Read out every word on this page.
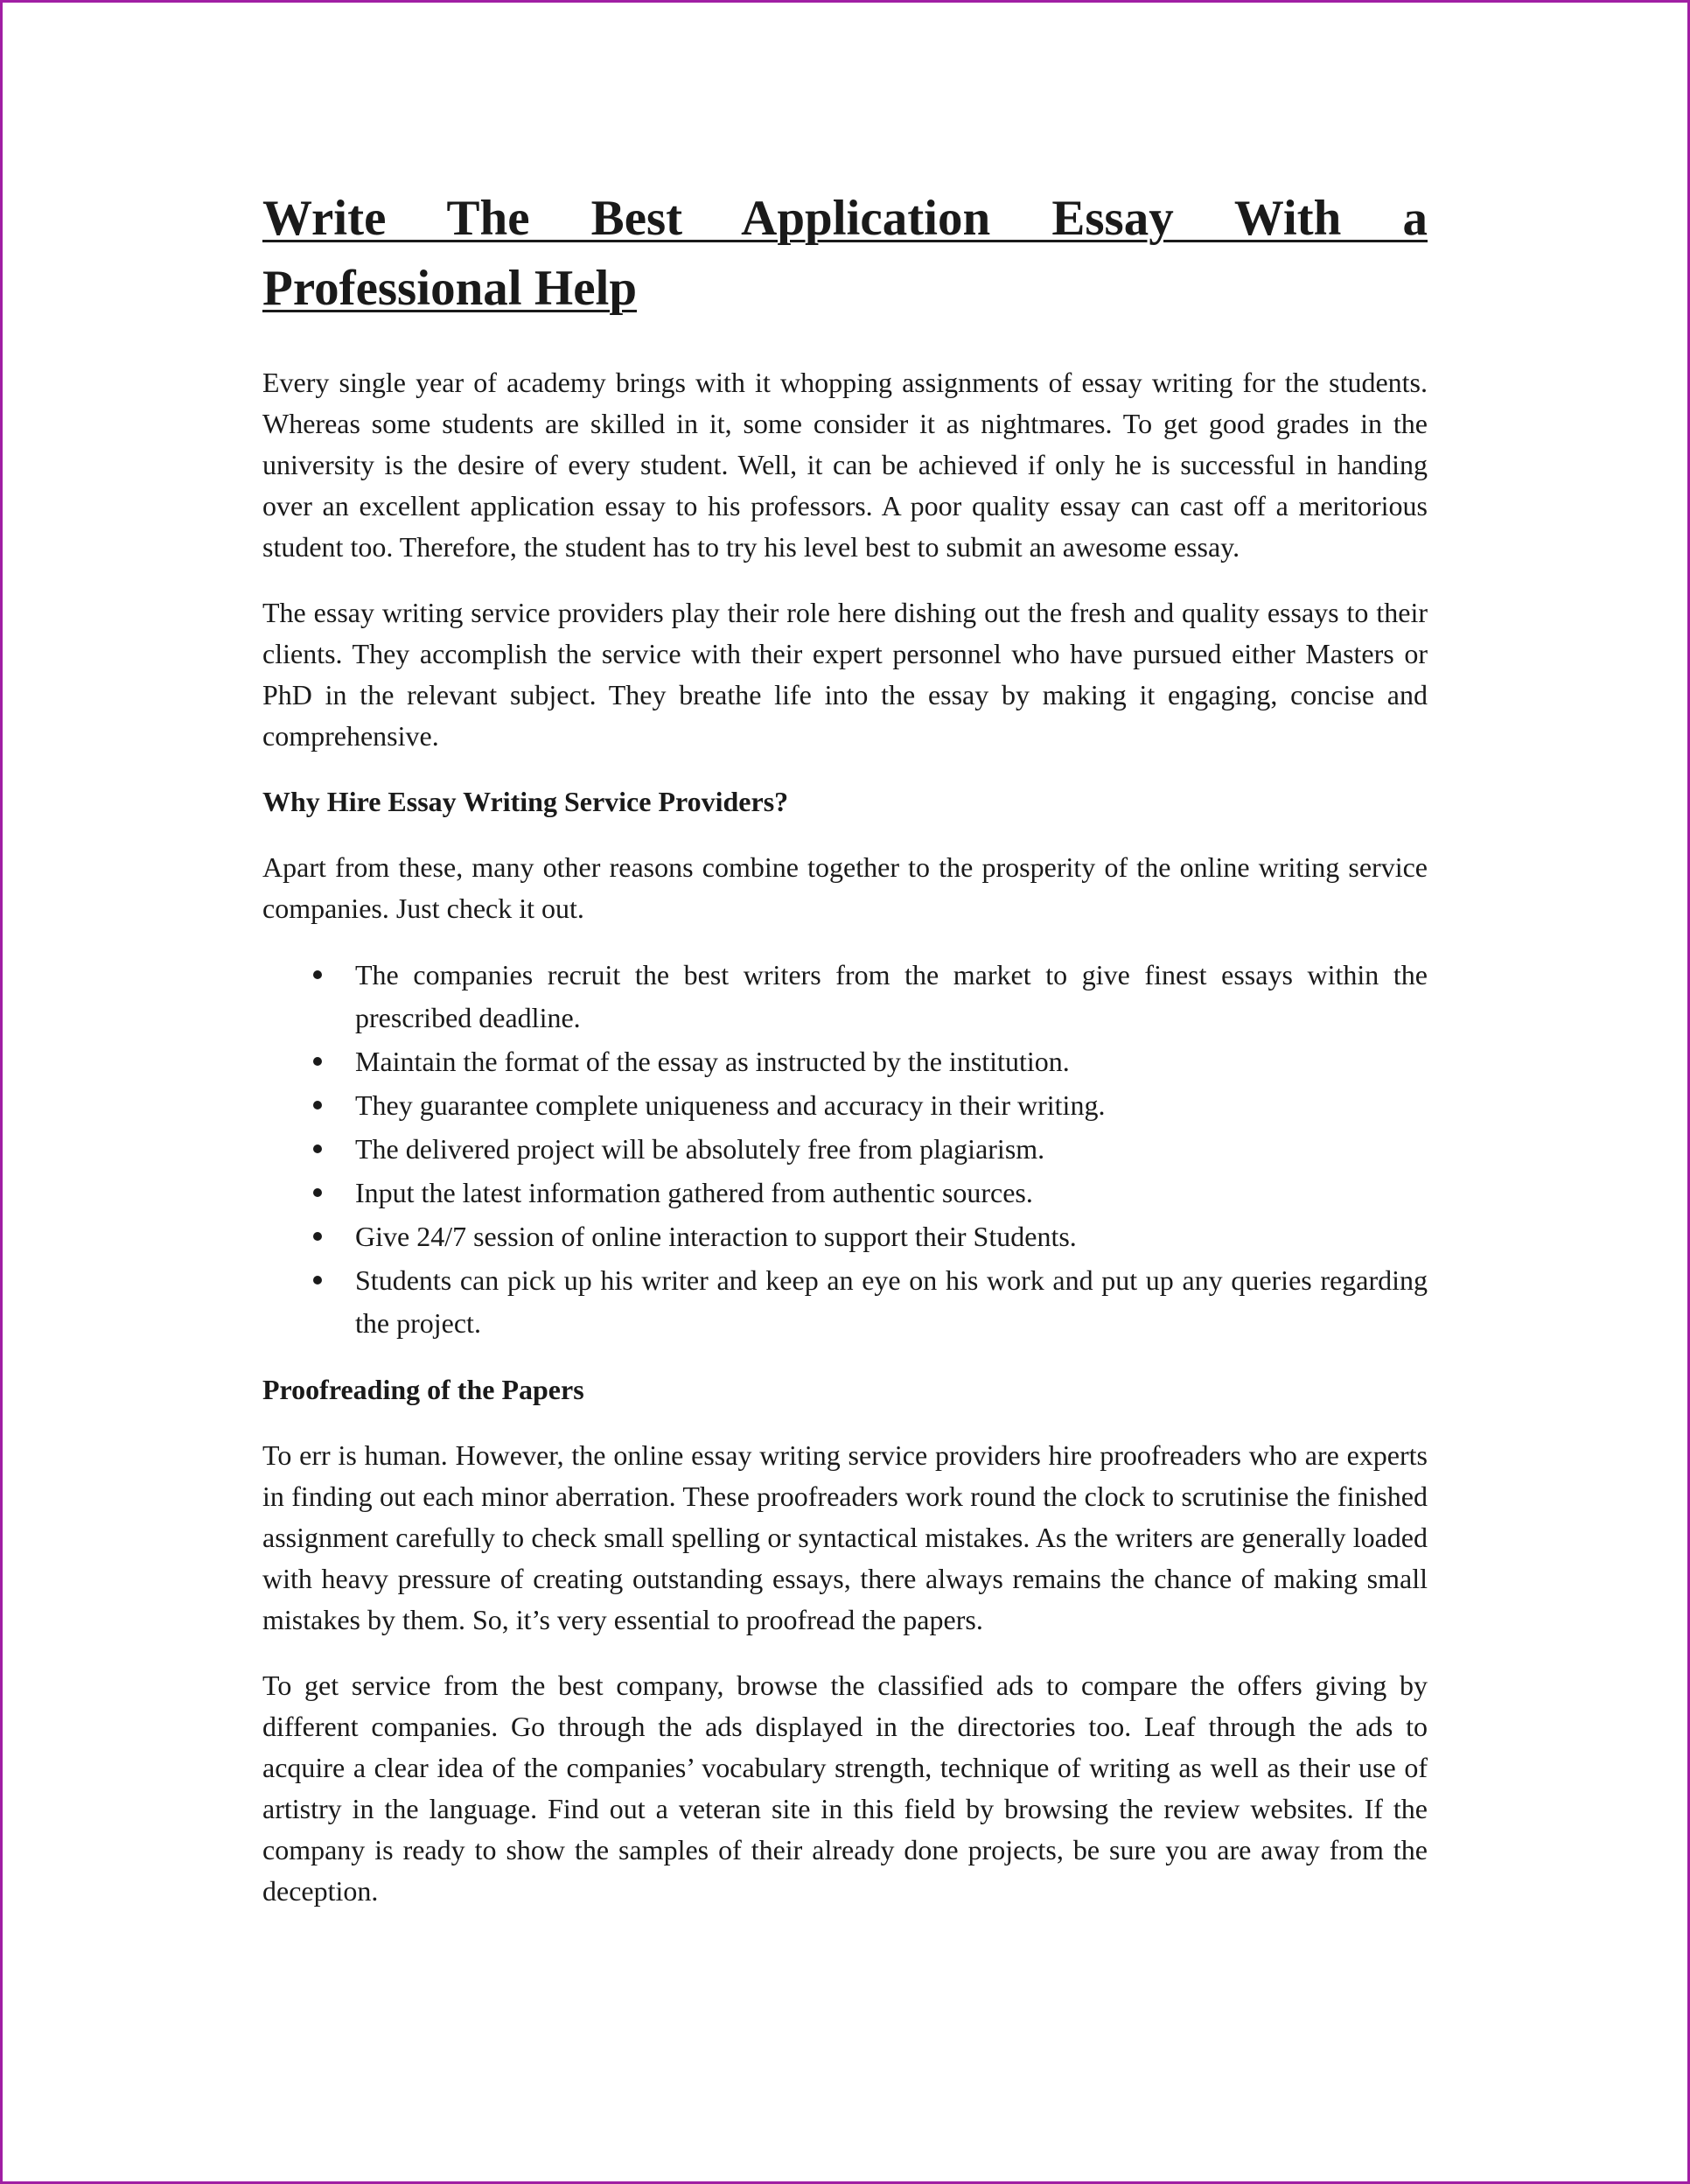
Write The Best Application Essay With a
Professional Help

Every single year of academy brings with it whopping assignments of essay writing for the students. Whereas some students are skilled in it, some consider it as nightmares. To get good grades in the university is the desire of every student. Well, it can be achieved if only he is successful in handing over an excellent application essay to his professors. A poor quality essay can cast off a meritorious student too. Therefore, the student has to try his level best to submit an awesome essay.

The essay writing service providers play their role here dishing out the fresh and quality essays to their clients. They accomplish the service with their expert personnel who have pursued either Masters or PhD in the relevant subject. They breathe life into the essay by making it engaging, concise and comprehensive.

Why Hire Essay Writing Service Providers?

Apart from these, many other reasons combine together to the prosperity of the online writing service companies. Just check it out.

The companies recruit the best writers from the market to give finest essays within the prescribed deadline.
Maintain the format of the essay as instructed by the institution.
They guarantee complete uniqueness and accuracy in their writing.
The delivered project will be absolutely free from plagiarism.
Input the latest information gathered from authentic sources.
Give 24/7 session of online interaction to support their Students.
Students can pick up his writer and keep an eye on his work and put up any queries regarding the project.
Proofreading of the Papers

To err is human. However, the online essay writing service providers hire proofreaders who are experts in finding out each minor aberration. These proofreaders work round the clock to scrutinise the finished assignment carefully to check small spelling or syntactical mistakes. As the writers are generally loaded with heavy pressure of creating outstanding essays, there always remains the chance of making small mistakes by them. So, it’s very essential to proofread the papers.

To get service from the best company, browse the classified ads to compare the offers giving by different companies. Go through the ads displayed in the directories too. Leaf through the ads to acquire a clear idea of the companies’ vocabulary strength, technique of writing as well as their use of artistry in the language. Find out a veteran site in this field by browsing the review websites. If the company is ready to show the samples of their already done projects, be sure you are away from the deception.
